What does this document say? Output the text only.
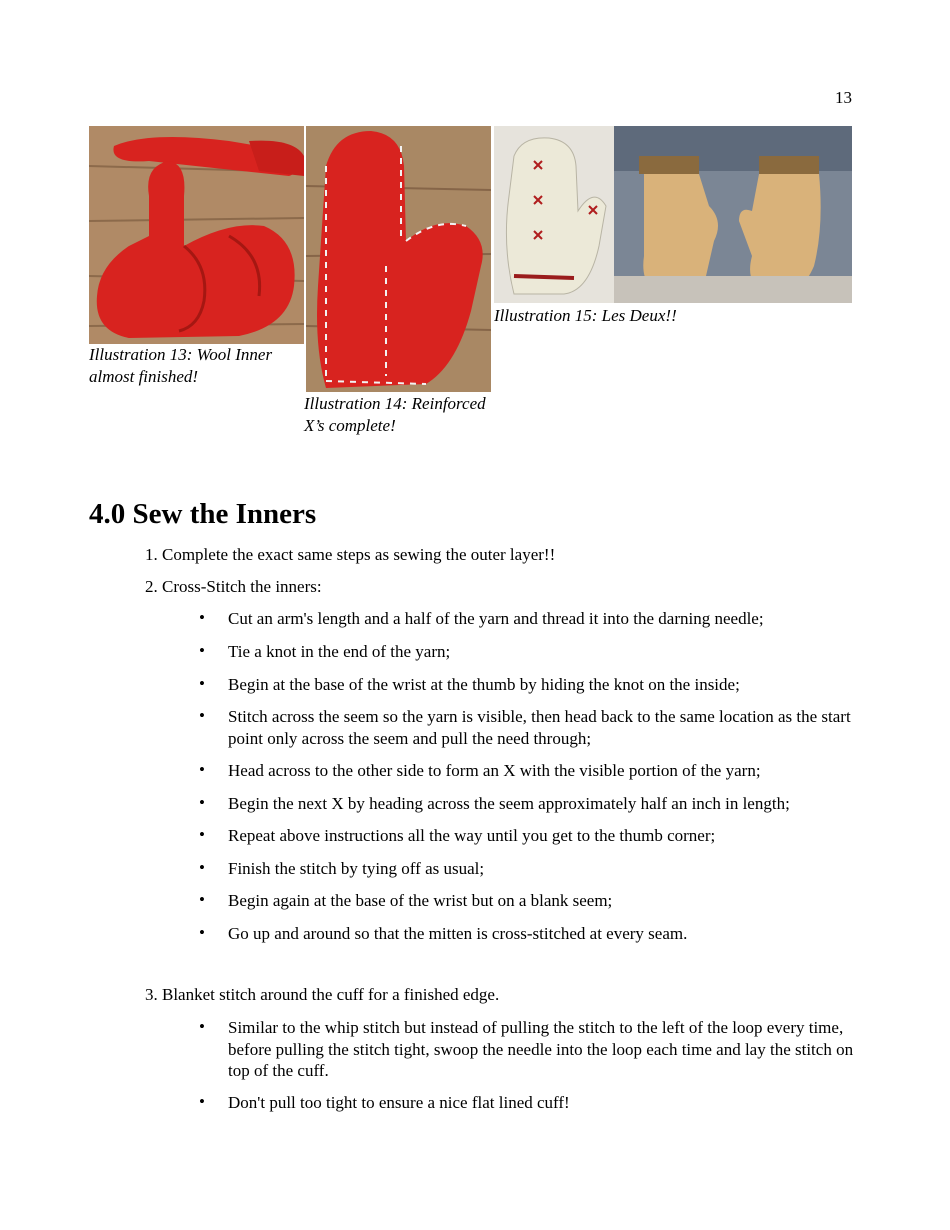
13
Illustration 13: Wool Inner almost finished!
Illustration 14: Reinforced X’s complete!
Illustration 15: Les Deux!!
4.0 Sew the Inners
1. Complete the exact same steps as sewing the outer layer!!
2. Cross-Stitch the inners:
• Cut an arm's length and a half of the yarn and thread it into the darning needle;
• Tie a knot in the end of the yarn;
• Begin at the base of the wrist at the thumb by hiding the knot on the inside;
• Stitch across the seem so the yarn is visible, then head back to the same location as the start point only across the seem and pull the need through;
• Head across to the other side to form an X with the visible portion of the yarn;
• Begin the next X by heading across the seem approximately half an inch in length;
• Repeat above instructions all the way until you get to the thumb corner;
• Finish the stitch by tying off as usual;
• Begin again at the base of the wrist but on a blank seem;
• Go up and around so that the mitten is cross-stitched at every seam.
3. Blanket stitch around the cuff for a finished edge.
• Similar to the whip stitch but instead of pulling the stitch to the left of the loop every time, before pulling the stitch tight, swoop the needle into the loop each time and lay the stitch on top of the cuff.
• Don't pull too tight to ensure a nice flat lined cuff!
